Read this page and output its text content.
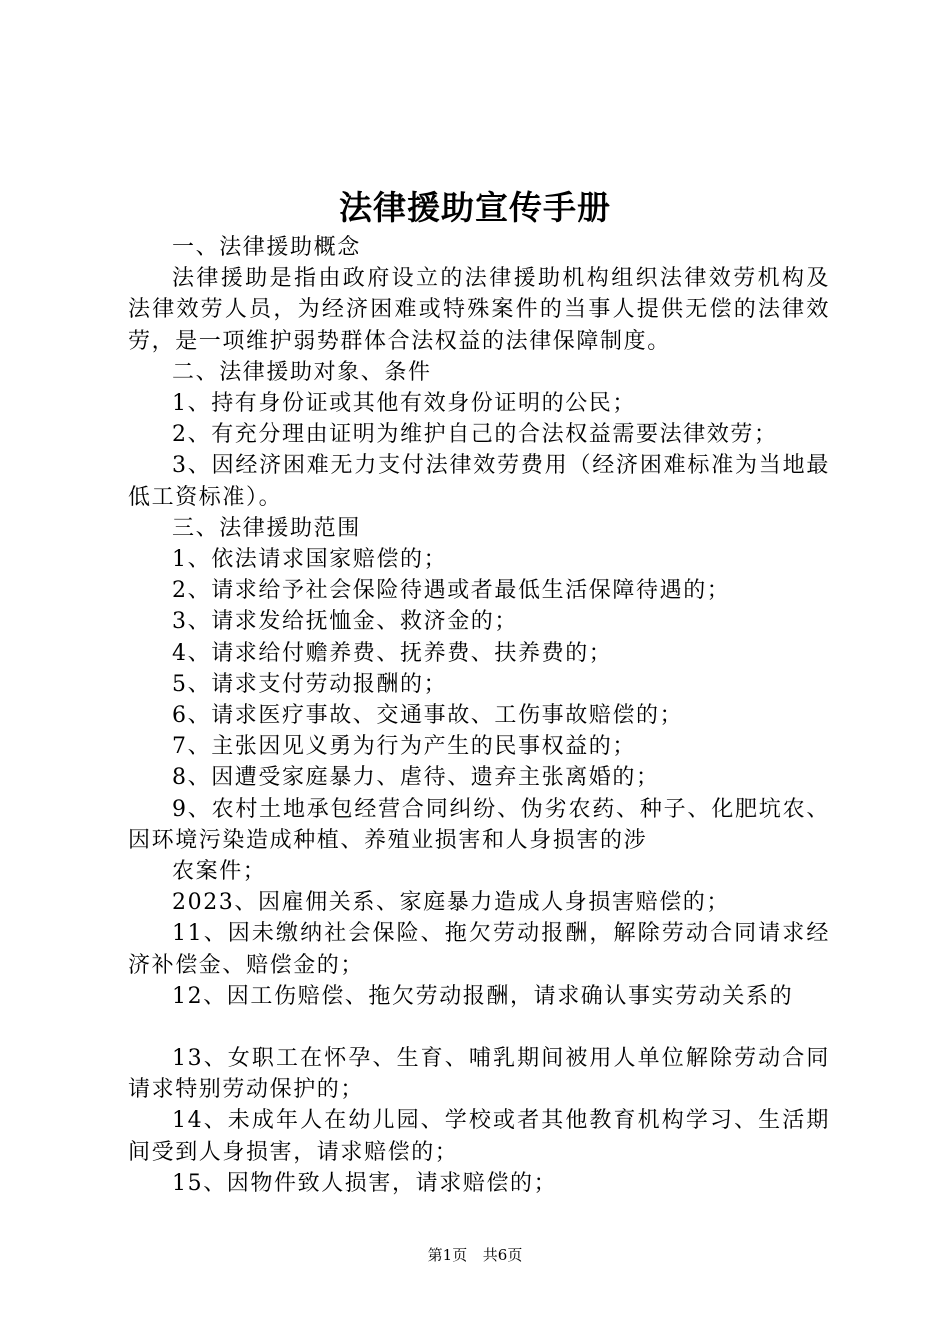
法律援助宣传手册

一、法律援助概念

法律援助是指由政府设立的法律援助机构组织法律效劳机构及法律效劳人员，为经济困难或特殊案件的当事人提供无偿的法律效劳，是一项维护弱势群体合法权益的法律保障制度。

二、法律援助对象、条件

1、持有身份证或其他有效身份证明的公民；

2、有充分理由证明为维护自己的合法权益需要法律效劳；

3、因经济困难无力支付法律效劳费用（经济困难标准为当地最低工资标准）。

三、法律援助范围

1、依法请求国家赔偿的；

2、请求给予社会保险待遇或者最低生活保障待遇的；

3、请求发给抚恤金、救济金的；

4、请求给付赡养费、抚养费、扶养费的；

5、请求支付劳动报酬的；

6、请求医疗事故、交通事故、工伤事故赔偿的；

7、主张因见义勇为行为产生的民事权益的；

8、因遭受家庭暴力、虐待、遗弃主张离婚的；

9、农村土地承包经营合同纠纷、伪劣农药、种子、化肥坑农、因环境污染造成种植、养殖业损害和人身损害的涉

农案件；

2023、因雇佣关系、家庭暴力造成人身损害赔偿的；

11、因未缴纳社会保险、拖欠劳动报酬，解除劳动合同请求经济补偿金、赔偿金的；

12、因工伤赔偿、拖欠劳动报酬，请求确认事实劳动关系的

13、女职工在怀孕、生育、哺乳期间被用人单位解除劳动合同请求特别劳动保护的；

14、未成年人在幼儿园、学校或者其他教育机构学习、生活期间受到人身损害，请求赔偿的；

15、因物件致人损害，请求赔偿的；

第1页 共6页
